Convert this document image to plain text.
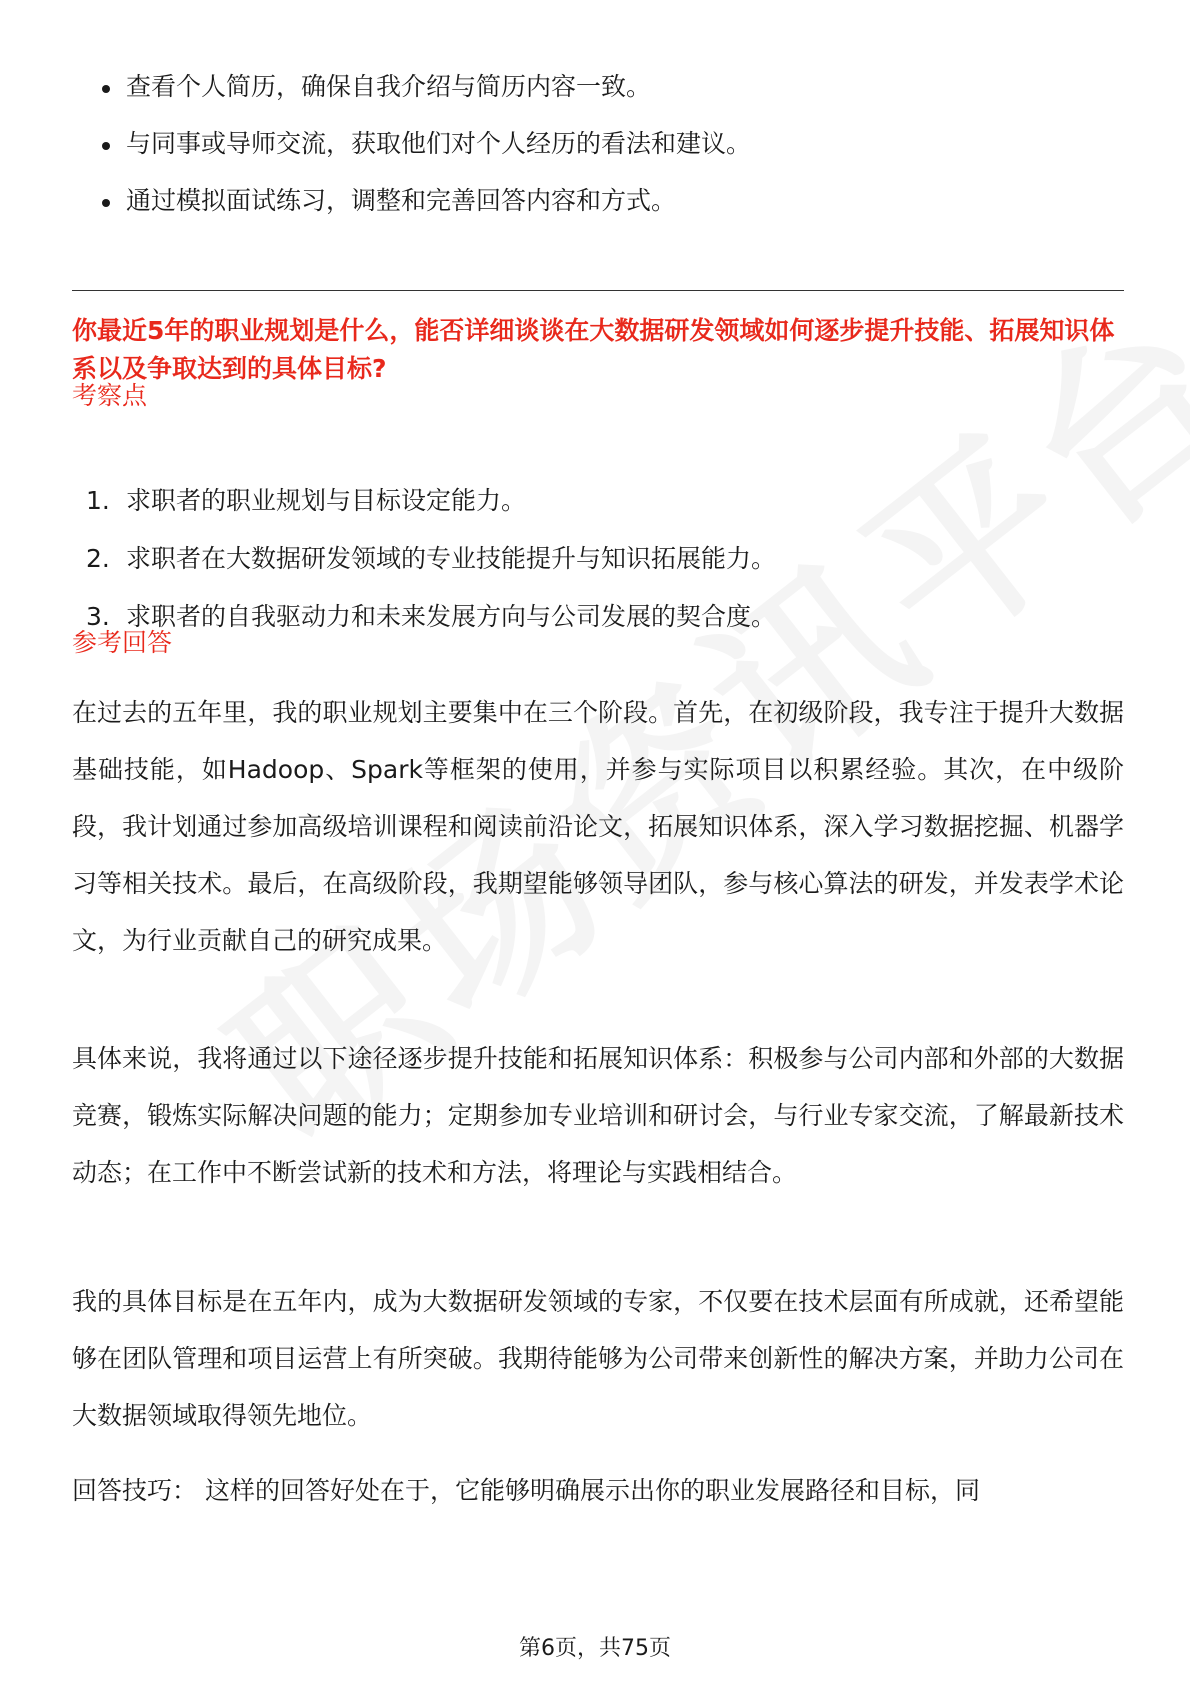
查看个人简历，确保自我介绍与简历内容一致。
与同事或导师交流，获取他们对个人经历的看法和建议。
通过模拟面试练习，调整和完善回答内容和方式。
你最近5年的职业规划是什么，能否详细谈谈在大数据研发领域如何逐步提升技能、拓展知识体系以及争取达到的具体目标?
考察点
1. 求职者的职业规划与目标设定能力。
2. 求职者在大数据研发领域的专业技能提升与知识拓展能力。
3. 求职者的自我驱动力和未来发展方向与公司发展的契合度。
参考回答

在过去的五年里，我的职业规划主要集中在三个阶段。首先，在初级阶段，我专注于提升大数据基础技能，如Hadoop、Spark等框架的使用，并参与实际项目以积累经验。其次，在中级阶段，我计划通过参加高级培训课程和阅读前沿论文，拓展知识体系，深入学习数据挖掘、机器学习等相关技术。最后，在高级阶段，我期望能够领导团队，参与核心算法的研发，并发表学术论文，为行业贡献自己的研究成果。

具体来说，我将通过以下途径逐步提升技能和拓展知识体系：积极参与公司内部和外部的大数据竞赛，锻炼实际解决问题的能力；定期参加专业培训和研讨会，与行业专家交流，了解最新技术动态；在工作中不断尝试新的技术和方法，将理论与实践相结合。

我的具体目标是在五年内，成为大数据研发领域的专家，不仅要在技术层面有所成就，还希望能够在团队管理和项目运营上有所突破。我期待能够为公司带来创新性的解决方案，并助力公司在大数据领域取得领先地位。

回答技巧： 这样的回答好处在于，它能够明确展示出你的职业发展路径和目标，同

第6页，共75页
